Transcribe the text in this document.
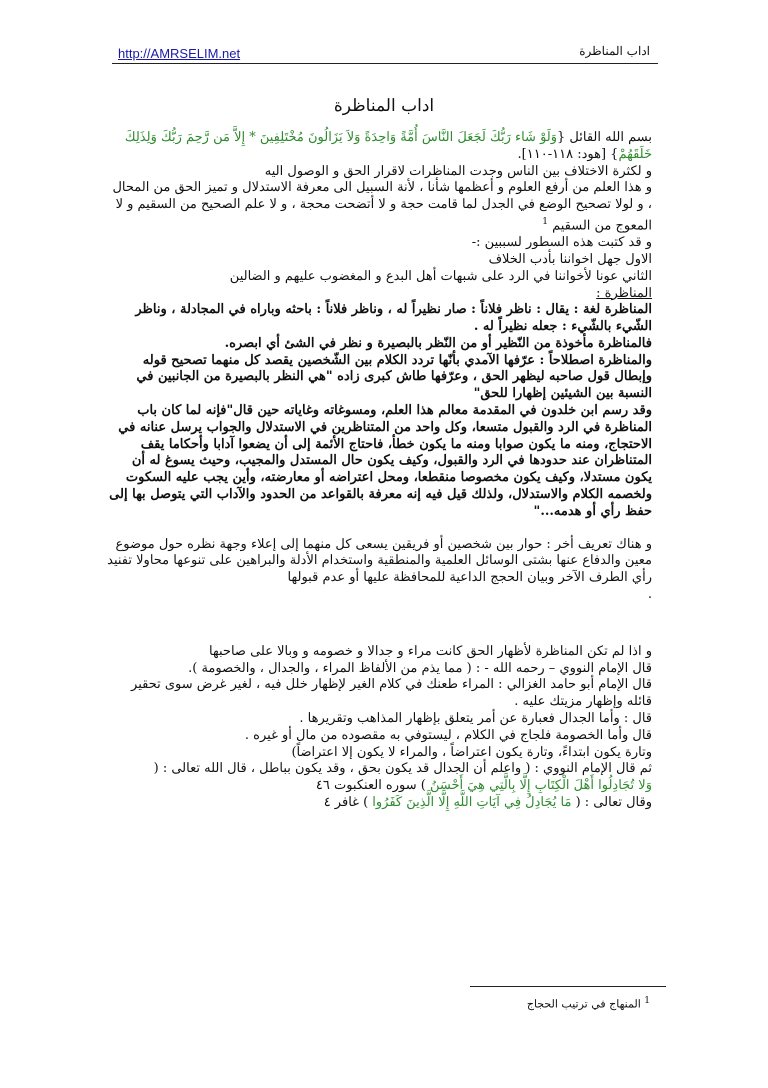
http://AMRSELIM.net	اداب المناظرة
اداب المناظرة

بسم الله القائل {وَلَوْ شَاء رَبُّكَ لَجَعَلَ النَّاسَ أُمَّةً وَاحِدَةً وَلاَ يَزَالُونَ مُخْتَلِفِينَ * إِلاَّ مَن رَّحِمَ رَبُّكَ وَلِذَلِكَ خَلَقَهُمْ} [هود: ١١٨-١١٠].

و لكثرة الاختلاف بين الناس وجدت المناظرات لاقرار الحق و الوصول اليه

و هذا العلم من أرفع العلوم و أعظمها شأنا ، لأنة السبيل الى معرفة الاستدلال و تميز الحق من المحال ، و لولا تصحيح الوضع في الجدل لما قامت حجة و لا أتضحت محجة ، و لا علم الصحيح من السقيم و لا المعوج من السقيم $^1$

و قد كتبت هذه السطور لسببين :-

الاول جهل اخواننا بأدب الخلاف

الثاني عونا لأخواننا في الرد على شبهات أهل البدع و المغضوب عليهم و الضالين

المناظرة :

المناظرة لغة : يقال : ناظر فلاناً : صار نظيراً له ، وناظر فلاناً : باحثه وباراه في المجادلة ، وناظر الشّيء بالشّيء : جعله نظيراً له .

فالمناظرة مأخوذة من النّظير أو من النّظر بالبصيرة و نظر في الشئ أي ابصره.

والمناظرة اصطلاحاً : عرّفها الآمدي بأنّها تردد الكلام بين الشّخصين يقصد كل منهما تصحيح قوله وإبطال قول صاحبه ليظهر الحق ، وعرّفها طاش كبرى زاده "هي النظر بالبصيرة من الجانبين في النسبة بين الشيئين إظهارا للحق"

وقد رسم ابن خلدون في المقدمة معالم هذا العلم، ومسوغاته وغاياته حين قال"فإنه لما كان باب المناظرة في الرد والقبول متسعا، وكل واحد من المتناظرين في الاستدلال والجواب يرسل عنانه في الاحتجاج، ومنه ما يكون صوابا ومنه ما يكون خطأ، فاحتاج الأئمة إلى أن يضعوا آدابا وأحكاما يقف المتناظران عند حدودها في الرد والقبول، وكيف يكون حال المستدل والمجيب، وحيث يسوغ له أن يكون مستدلا، وكيف يكون مخصوصا منقطعا، ومحل اعتراضه أو معارضته، وأين يجب عليه السكوت ولخصمه الكلام والاستدلال، ولذلك قيل فيه إنه معرفة بالقواعد من الحدود والآداب التي يتوصل بها إلى حفظ رأي أو هدمه..."

و هناك تعريف أخر : حوار بين شخصين أو فريقين يسعى كل منهما إلى إعلاء وجهة نظره حول موضوع معين والدفاع عنها بشتى الوسائل العلمية والمنطقية واستخدام الأدلة والبراهين على تنوعها محاولا تفنيد رأي الطرف الآخر وبيان الحجج الداعية للمحافظة عليها أو عدم قبولها

.

و اذا لم تكن المناظرة لأظهار الحق كانت مراء و جدالا و خصومه و وبالا على صاحبها

قال الإمام النووي – رحمه الله - : ( مما يذم من الألفاظ المراء ، والجدال ، والخصومة ).

قال الإمام أبو حامد الغزالي : المراء طعنك في كلام الغير لإظهار خلل فيه ، لغير غرض سوى تحقير قائله وإظهار مزيتك عليه .

قال : وأما الجدال فعبارة عن أمر يتعلق بإظهار المذاهب وتقريرها .

قال وأما الخصومة فلجاج في الكلام ، ليستوفي به مقصوده من مال أو غيره .

وتارة يكون ابتداءً، وتارة يكون اعتراضاً ، والمراء لا يكون إلا اعتراضاً)

ثم قال الإمام النووي : ( واعلم أن الجدال قد يكون بحق ، وقد يكون بباطل ، قال الله تعالى : (

وَلا تُجَادِلُوا أَهْلَ الْكِتَابِ إِلَّا بِالَّتِي هِيَ أَحْسَنُ ) سوره العنكبوت ٤٦

وقال تعالى : ( مَا يُجَادِلُ فِي آيَاتِ اللَّهِ إِلَّا الَّذِينَ كَفَرُوا ) غافر ٤

$^1$ المنهاج في ترتيب الحجاج
